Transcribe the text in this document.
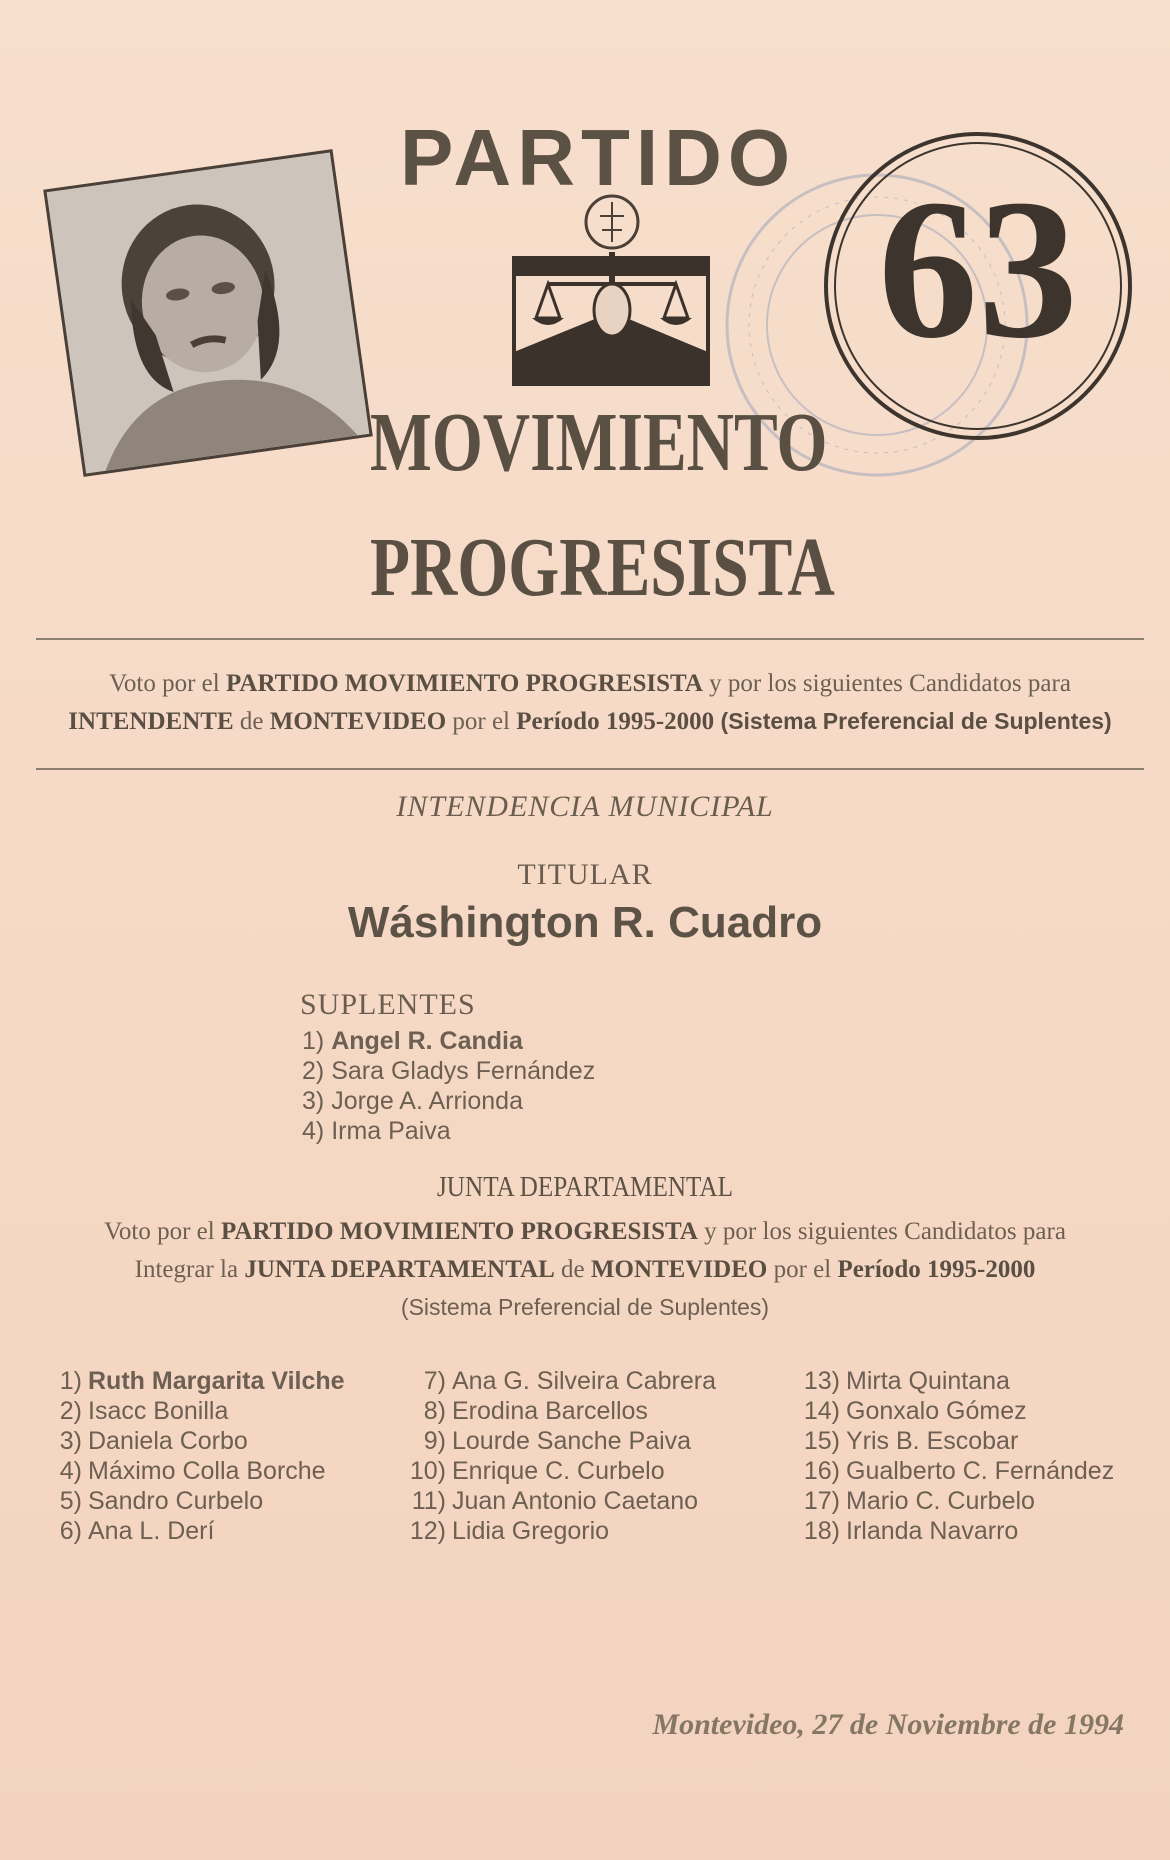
PARTIDO
63
MOVIMIENTO
PROGRESISTA
Voto por el PARTIDO MOVIMIENTO PROGRESISTA y por los siguientes Candidatos para
INTENDENTE de MONTEVIDEO por el Período 1995-2000 (Sistema Preferencial de Suplentes)
INTENDENCIA MUNICIPAL
TITULAR
Wáshington R. Cuadro
SUPLENTES
1) Angel R. Candia
2) Sara Gladys Fernández
3) Jorge A. Arrionda
4) Irma Paiva
JUNTA DEPARTAMENTAL
Voto por el PARTIDO MOVIMIENTO PROGRESISTA y por los siguientes Candidatos para
Integrar la JUNTA DEPARTAMENTAL de MONTEVIDEO por el Período 1995-2000
(Sistema Preferencial de Suplentes)
1) Ruth Margarita Vilche
2) Isacc Bonilla
3) Daniela Corbo
4) Máximo Colla Borche
5) Sandro Curbelo
6) Ana L. Derí
7) Ana G. Silveira Cabrera
8) Erodina Barcellos
9) Lourde Sanche Paiva
10) Enrique C. Curbelo
11) Juan Antonio Caetano
12) Lidia Gregorio
13) Mirta Quintana
14) Gonxalo Gómez
15) Yris B. Escobar
16) Gualberto C. Fernández
17) Mario C. Curbelo
18) Irlanda Navarro
Montevideo, 27 de Noviembre de 1994
